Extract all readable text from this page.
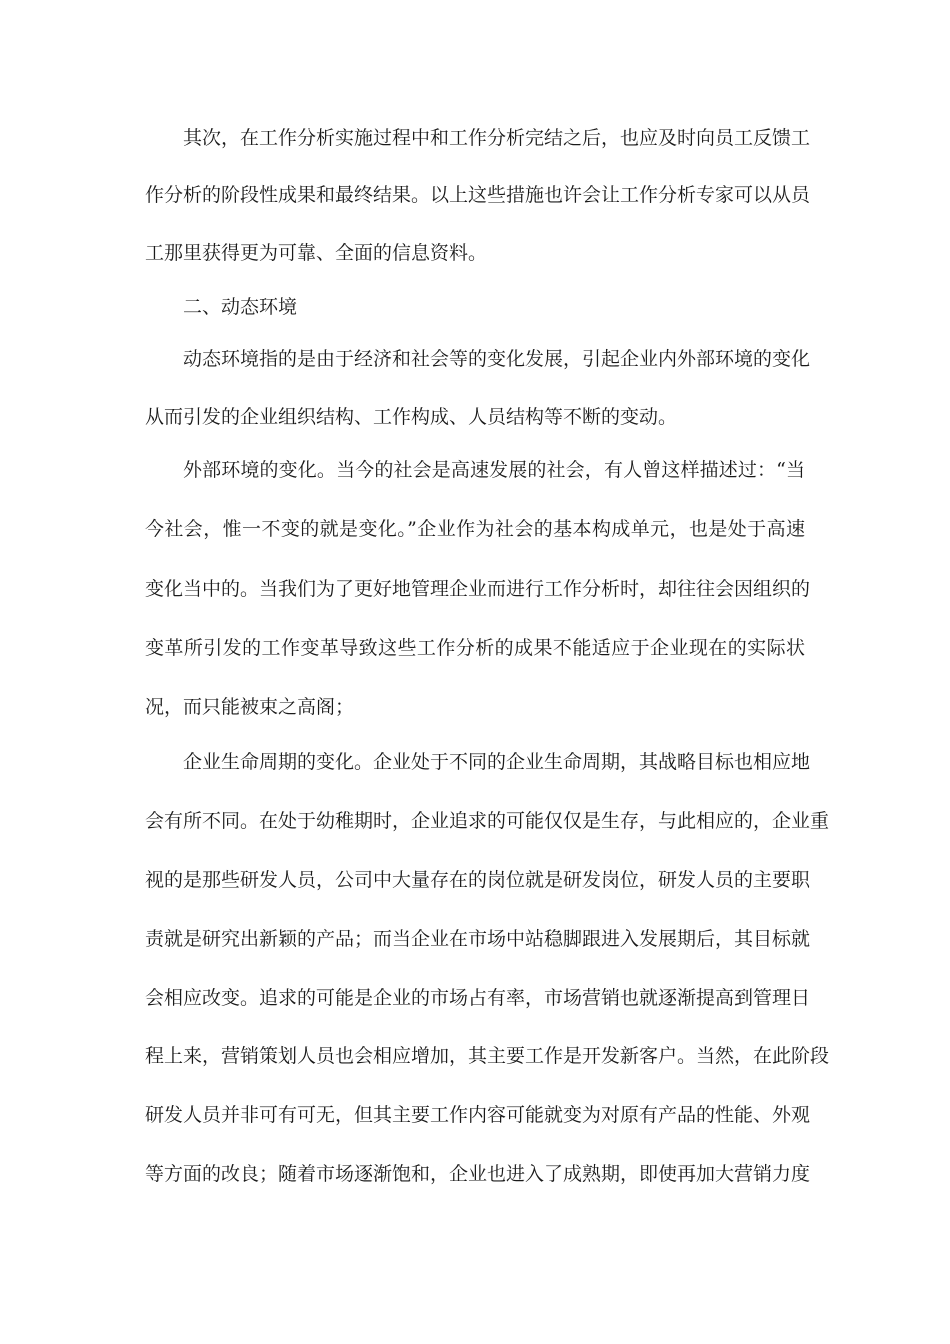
其次，在工作分析实施过程中和工作分析完结之后，也应及时向员工反馈工
作分析的阶段性成果和最终结果。以上这些措施也许会让工作分析专家可以从员
工那里获得更为可靠、全面的信息资料。
二、动态环境
动态环境指的是由于经济和社会等的变化发展，引起企业内外部环境的变化
从而引发的企业组织结构、工作构成、人员结构等不断的变动。
外部环境的变化。当今的社会是高速发展的社会，有人曾这样描述过：“当
今社会，惟一不变的就是变化。”企业作为社会的基本构成单元，也是处于高速
变化当中的。当我们为了更好地管理企业而进行工作分析时，却往往会因组织的
变革所引发的工作变革导致这些工作分析的成果不能适应于企业现在的实际状
况，而只能被束之高阁；
企业生命周期的变化。企业处于不同的企业生命周期，其战略目标也相应地
会有所不同。在处于幼稚期时，企业追求的可能仅仅是生存，与此相应的，企业重
视的是那些研发人员，公司中大量存在的岗位就是研发岗位，研发人员的主要职
责就是研究出新颖的产品；而当企业在市场中站稳脚跟进入发展期后，其目标就
会相应改变。追求的可能是企业的市场占有率，市场营销也就逐渐提高到管理日
程上来，营销策划人员也会相应增加，其主要工作是开发新客户。当然，在此阶段
研发人员并非可有可无，但其主要工作内容可能就变为对原有产品的性能、外观
等方面的改良；随着市场逐渐饱和，企业也进入了成熟期，即使再加大营销力度
